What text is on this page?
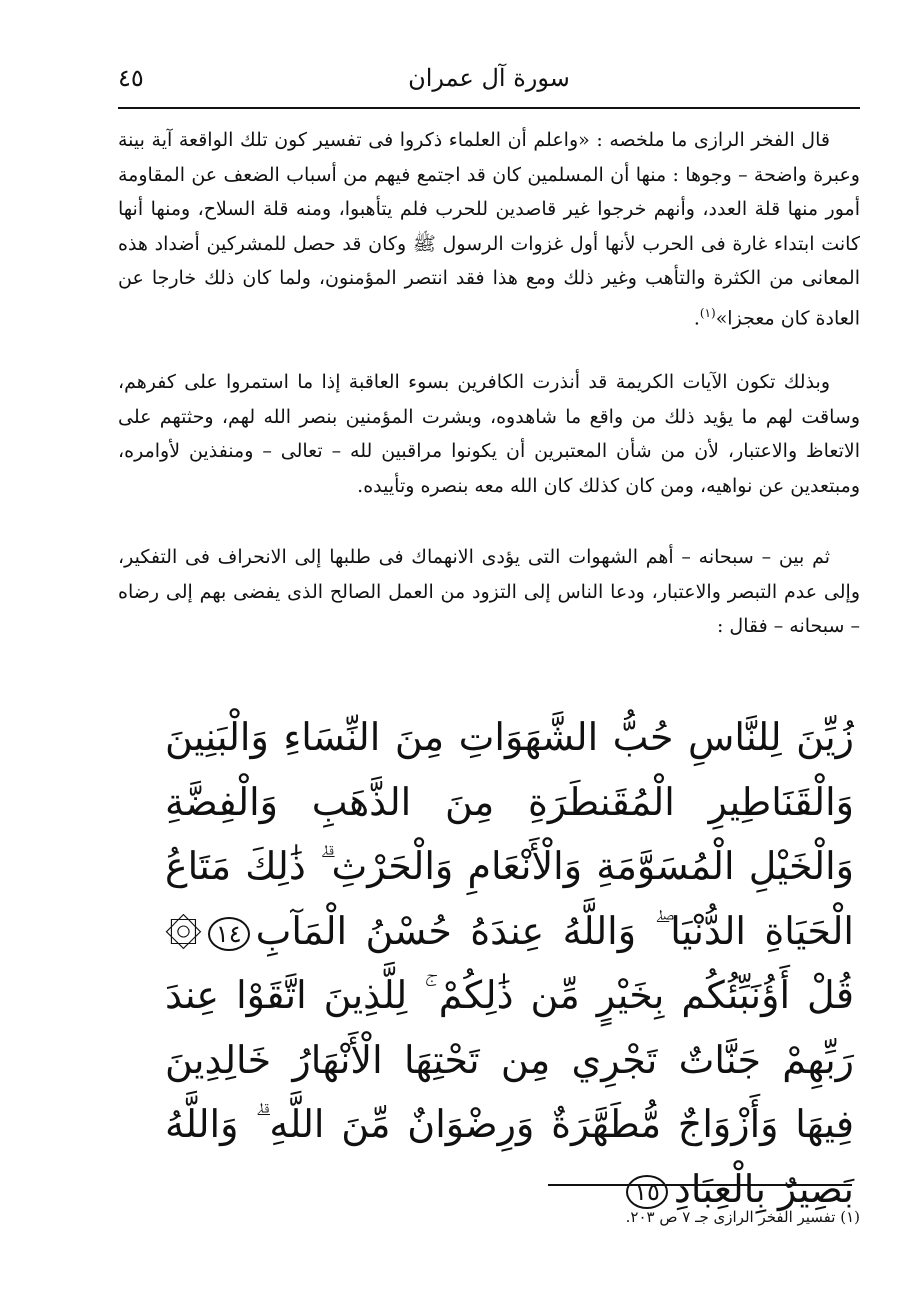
سورة آل عمران
٤٥

قال الفخر الرازى ما ملخصه : «واعلم أن العلماء ذكروا فى تفسير كون تلك الواقعة آية بينة وعبرة واضحة – وجوها : منها أن المسلمين كان قد اجتمع فيهم من أسباب الضعف عن المقاومة أمور منها قلة العدد، وأنهم خرجوا غير قاصدين للحرب فلم يتأهبوا، ومنه قلة السلاح، ومنها أنها كانت ابتداء غارة فى الحرب لأنها أول غزوات الرسول ﷺ وكان قد حصل للمشركين أضداد هذه المعانى من الكثرة والتأهب وغير ذلك ومع هذا فقد انتصر المؤمنون، ولما كان ذلك خارجا عن العادة كان معجزا»$^{(١)}$.

وبذلك تكون الآيات الكريمة قد أنذرت الكافرين بسوء العاقبة إذا ما استمروا على كفرهم، وساقت لهم ما يؤيد ذلك من واقع ما شاهدوه، وبشرت المؤمنين بنصر الله لهم، وحثتهم على الاتعاظ والاعتبار، لأن من شأن المعتبرين أن يكونوا مراقبين لله – تعالى – ومنفذين لأوامره، ومبتعدين عن نواهيه، ومن كان كذلك كان الله معه بنصره وتأييده.

ثم بين – سبحانه – أهم الشهوات التى يؤدى الانهماك فى طلبها إلى الانحراف فى التفكير، وإلى عدم التبصر والاعتبار، ودعا الناس إلى التزود من العمل الصالح الذى يفضى بهم إلى رضاه – سبحانه – فقال :

زُيِّنَ لِلنَّاسِ حُبُّ الشَّهَوَاتِ مِنَ النِّسَاءِ وَالْبَنِينَ وَالْقَنَاطِيرِ الْمُقَنطَرَةِ مِنَ الذَّهَبِ وَالْفِضَّةِ وَالْخَيْلِ الْمُسَوَّمَةِ وَالْأَنْعَامِ وَالْحَرْثِ ۗ ذَٰلِكَ مَتَاعُ الْحَيَاةِ الدُّنْيَا ۖ وَاللَّهُ عِندَهُ حُسْنُ الْمَآبِ١٤۞ قُلْ أَؤُنَبِّئُكُم بِخَيْرٍ مِّن ذَٰلِكُمْ ۚ لِلَّذِينَ اتَّقَوْا عِندَ رَبِّهِمْ جَنَّاتٌ تَجْرِي مِن تَحْتِهَا الْأَنْهَارُ خَالِدِينَ فِيهَا وَأَزْوَاجٌ مُّطَهَّرَةٌ وَرِضْوَانٌ مِّنَ اللَّهِ ۗ وَاللَّهُ بَصِيرٌ بِالْعِبَادِ١٥

(١) تفسير الفخر الرازى جـ ٧ ص ٢٠٣.
